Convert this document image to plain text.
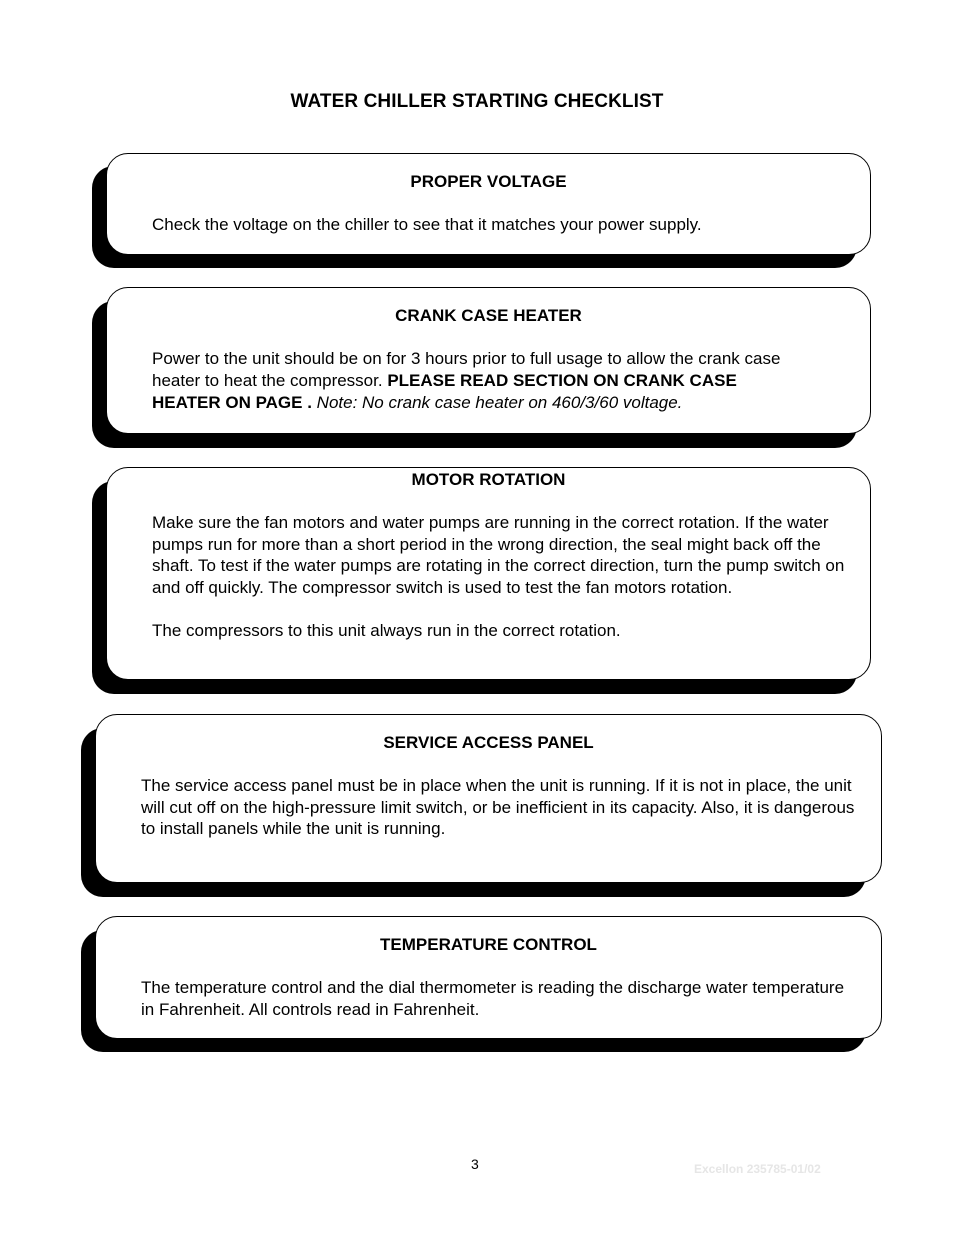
WATER CHILLER STARTING CHECKLIST
PROPER VOLTAGE

Check the voltage on the chiller to see that it matches your power supply.

CRANK CASE HEATER

Power to the unit should be on for 3 hours prior to full usage to allow the crank case

heater to heat the compressor. PLEASE READ SECTION ON CRANK CASE

HEATER ON PAGE . Note: No crank case heater on 460/3/60 voltage.

MOTOR ROTATION

Make sure the fan motors and water pumps are running in the correct rotation. If the water pumps run for more than a short period in the wrong direction, the seal might back off the shaft. To test if the water pumps are rotating in the correct direction, turn the pump switch on and off quickly. The compressor switch is used to test the fan motors rotation.

The compressors to this unit always run in the correct rotation.

SERVICE ACCESS PANEL

The service access panel must be in place when the unit is running. If it is not in place, the unit will cut off on the high-pressure limit switch, or be inefficient in its capacity. Also, it is dangerous to install panels while the unit is running.

TEMPERATURE CONTROL

The temperature control and the dial thermometer is reading the discharge water temperature in Fahrenheit. All controls read in Fahrenheit.

3	Excellon 235785-01/02
